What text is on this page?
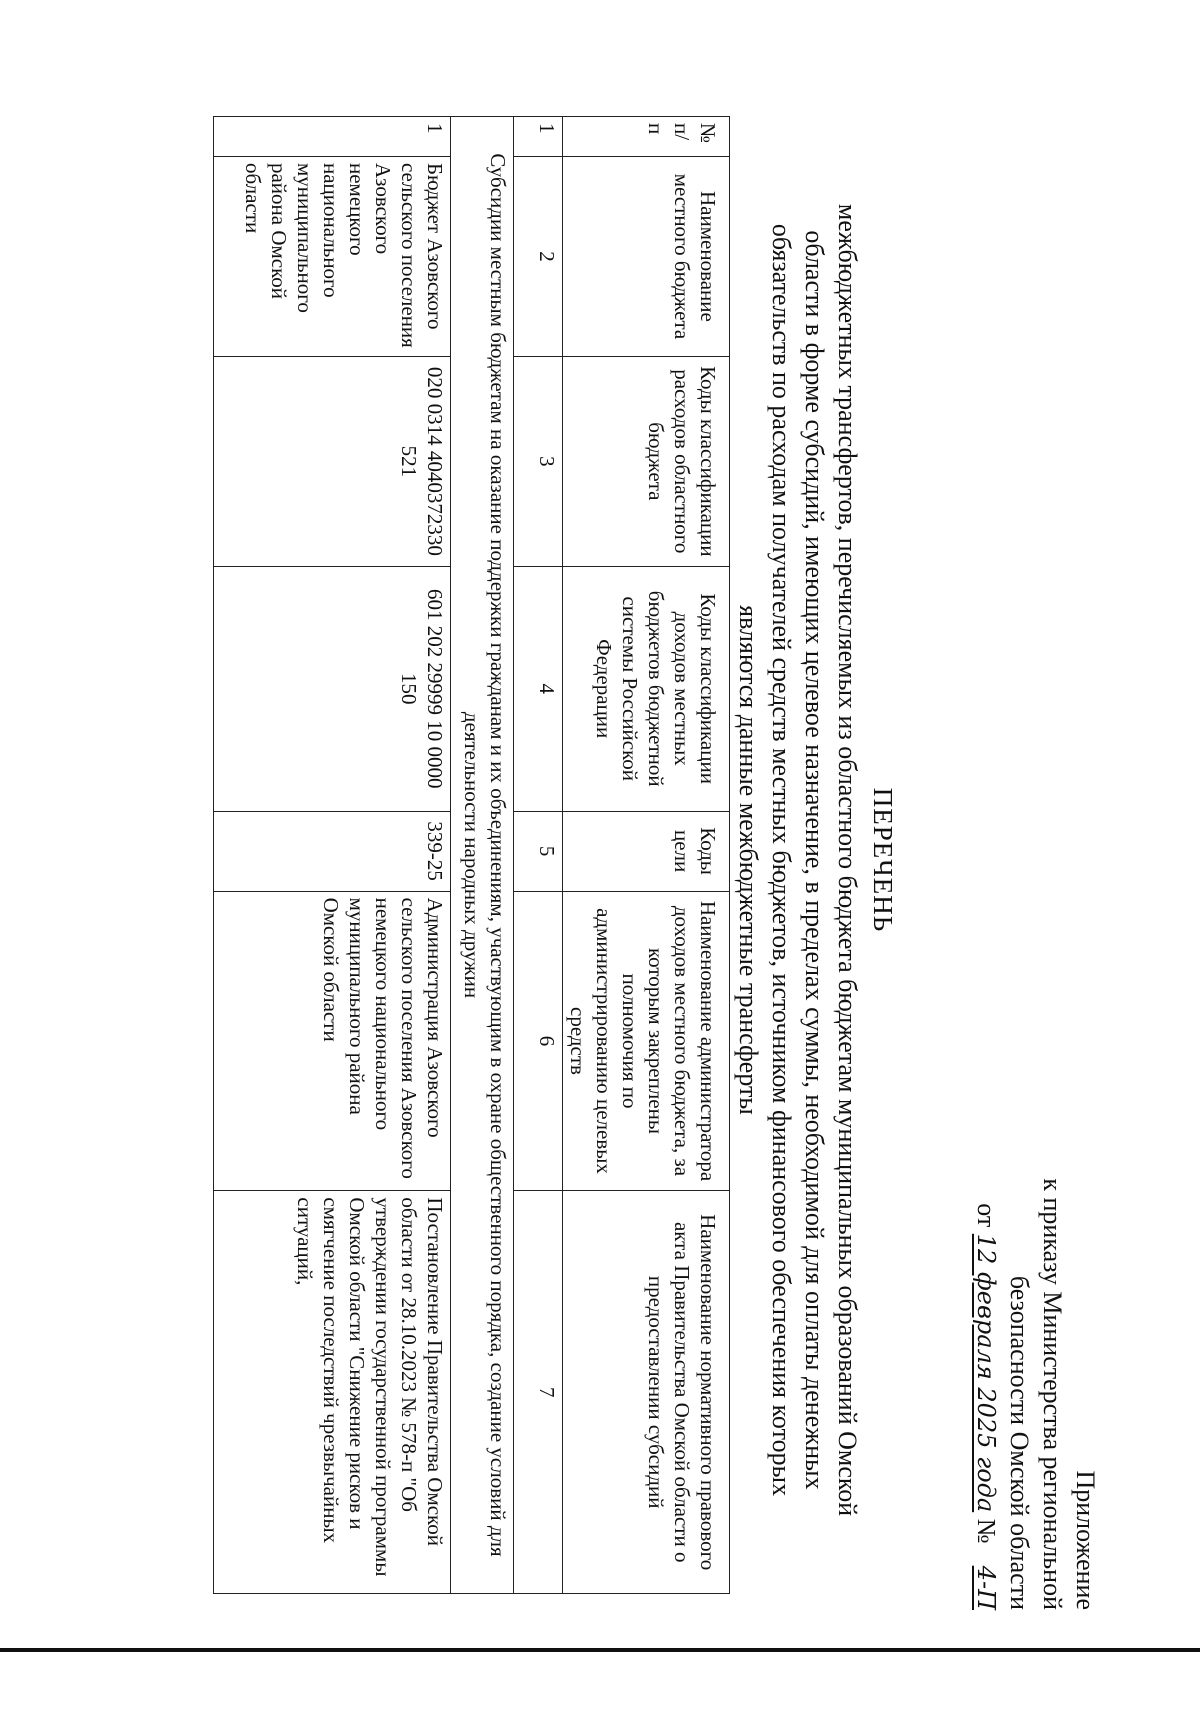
Приложение
к приказу Министерства региональной
безопасности Омской области
от 12 февраля 2025 года № 4-П
ПЕРЕЧЕНЬ
межбюджетных трансфертов, перечисляемых из областного бюджета бюджетам муниципальных образований Омской области в форме субсидий, имеющих целевое назначение, в пределах суммы, необходимой для оплаты денежных обязательств по расходам получателей средств местных бюджетов, источником финансового обеспечения которых являются данные межбюджетные трансферты
№ п/п	Наименование местного бюджета	Коды классификации расходов областного бюджета	Коды классификации доходов местных бюджетов бюджетной системы Российской Федерации	Коды цели	Наименование администратора доходов местного бюджета, за которым закреплены полномочия по администрированию целевых средств	Наименование нормативного правового акта Правительства Омской области о предоставлении субсидий
1	2	3	4	5	6	7
Субсидии местным бюджетам на оказание поддержки гражданам и их объединениям, участвующим в охране общественного порядка, создание условий для деятельности народных дружин						
1	Бюджет Азовского сельского поселения Азовского немецкого национального муниципального района Омской области	020 0314 4040372330 521	601 202 29999 10 0000 150	339-25	Администрация Азовского сельского поселения Азовского немецкого национального муниципального района Омской области	Постановление Правительства Омской области от 28.10.2023 № 578-п "Об утверждении государственной программы Омской области "Снижение рисков и смягчение последствий чрезвычайных ситуаций,
